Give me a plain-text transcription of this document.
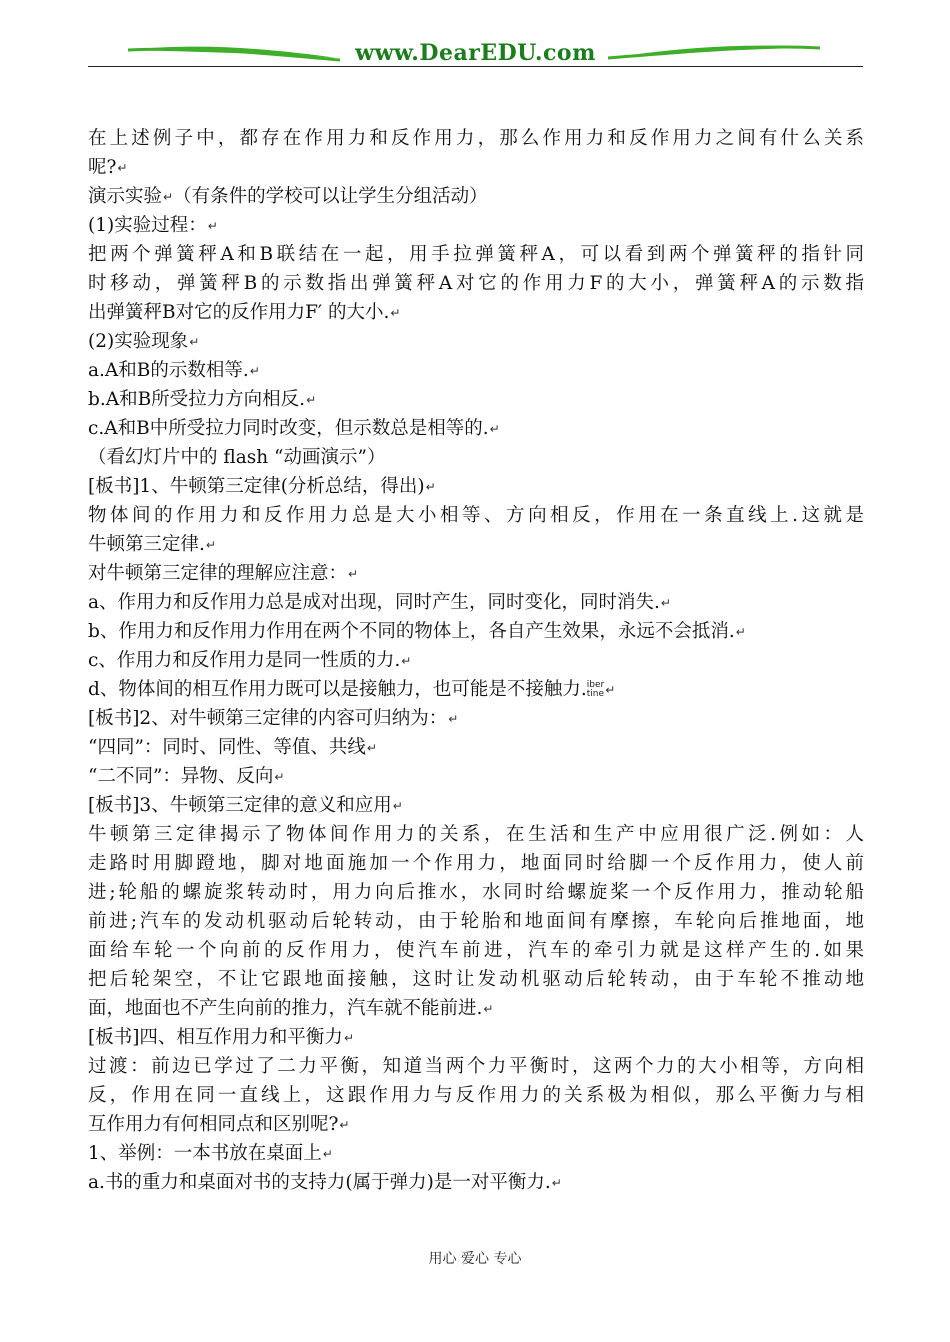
www.DearEDU.com
在上述例子中，都存在作用力和反作用力，那么作用力和反作用力之间有什么关系
呢?↵
演示实验↵（有条件的学校可以让学生分组活动）
(1)实验过程：↵
把两个弹簧秤A和B联结在一起，用手拉弹簧秤A，可以看到两个弹簧秤的指针同
时移动，弹簧秤B的示数指出弹簧秤A对它的作用力F的大小，弹簧秤A的示数指
出弹簧秤B对它的反作用力F′ 的大小.↵
(2)实验现象↵
a.A和B的示数相等.↵
b.A和B所受拉力方向相反.↵
c.A和B中所受拉力同时改变，但示数总是相等的.↵
（看幻灯片中的 flash “动画演示”）
[板书]1、牛顿第三定律(分析总结，得出)↵
物体间的作用力和反作用力总是大小相等、方向相反，作用在一条直线上.这就是
牛顿第三定律.↵
对牛顿第三定律的理解应注意：↵
a、作用力和反作用力总是成对出现，同时产生，同时变化，同时消失.↵
b、作用力和反作用力作用在两个不同的物体上，各自产生效果，永远不会抵消.↵
c、作用力和反作用力是同一性质的力.↵
d、物体间的相互作用力既可以是接触力，也可能是不接触力.iber
tine↵
[板书]2、对牛顿第三定律的内容可归纳为：↵
“四同”：同时、同性、等值、共线↵
“二不同”：异物、反向↵
[板书]3、牛顿第三定律的意义和应用↵
牛顿第三定律揭示了物体间作用力的关系，在生活和生产中应用很广泛.例如：人
走路时用脚蹬地，脚对地面施加一个作用力，地面同时给脚一个反作用力，使人前
进;轮船的螺旋浆转动时，用力向后推水，水同时给螺旋桨一个反作用力，推动轮船
前进;汽车的发动机驱动后轮转动，由于轮胎和地面间有摩擦，车轮向后推地面，地
面给车轮一个向前的反作用力，使汽车前进，汽车的牵引力就是这样产生的.如果
把后轮架空，不让它跟地面接触，这时让发动机驱动后轮转动，由于车轮不推动地
面，地面也不产生向前的推力，汽车就不能前进.↵
[板书]四、相互作用力和平衡力↵
过渡：前边已学过了二力平衡，知道当两个力平衡时，这两个力的大小相等，方向相
反，作用在同一直线上，这跟作用力与反作用力的关系极为相似，那么平衡力与相
互作用力有何相同点和区别呢?↵
1、举例：一本书放在桌面上↵
a.书的重力和桌面对书的支持力(属于弹力)是一对平衡力.↵
用心 爱心 专心
